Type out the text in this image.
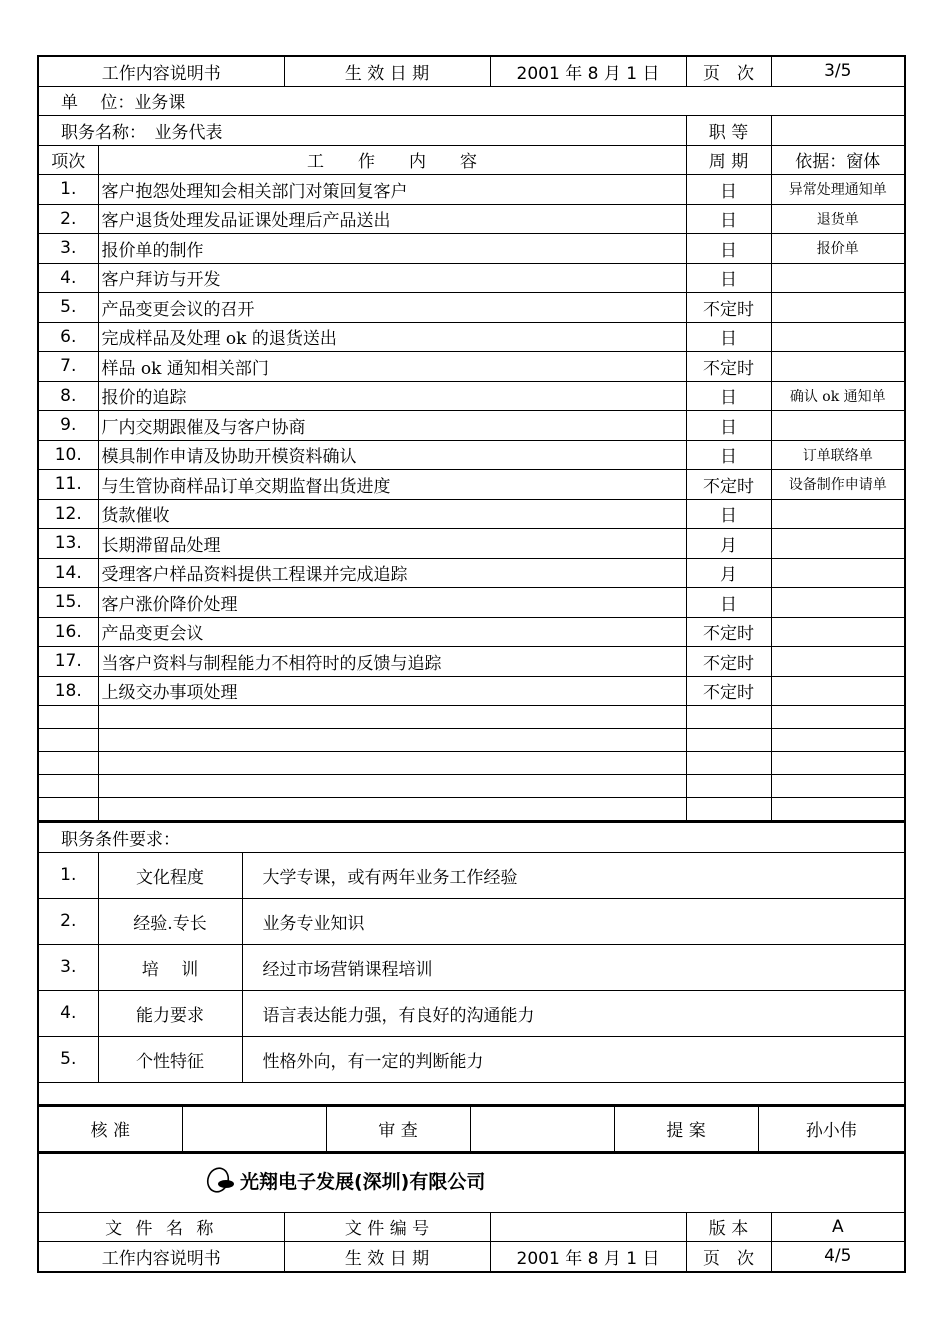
工作内容说明书		生 效 日 期	2001 年 8 月 1 日	页　次	3/5
单　 位：业务课					
职务名称：　业务代表				职 等	
项次	工　　作　　内　　容			周 期	依据：窗体
1.	客户抱怨处理知会相关部门对策回复客户			日	异常处理通知单
2.	客户退货处理发品证课处理后产品送出			日	退货单
3.	报价单的制作			日	报价单
4.	客户拜访与开发			日	
5.	产品变更会议的召开			不定时	
6.	完成样品及处理 ok 的退货送出			日	
7.	样品 ok 通知相关部门			不定时	
8.	报价的追踪			日	确认 ok 通知单
9.	厂内交期跟催及与客户协商			日	
10.	模具制作申请及协助开模资料确认			日	订单联络单
11.	与生管协商样品订单交期监督出货进度			不定时	设备制作申请单
12.	货款催收			日	
13.	长期滞留品处理			月	
14.	受理客户样品资料提供工程课并完成追踪			月	
15.	客户涨价降价处理			日	
16.	产品变更会议			不定时	
17.	当客户资料与制程能力不相符时的反馈与追踪			不定时	
18.	上级交办事项处理			不定时	

职务条件要求：		
1.	文化程度	大学专课，或有两年业务工作经验
2.	经验.专长	业务专业知识
3.	培　 训	经过市场营销课程培训
4.	能力要求	语言表达能力强，有良好的沟通能力
5.	个性特征	性格外向，有一定的判断能力

核 准		审 查		提 案	孙小伟
光翔电子发展(深圳)有限公司				
文 件 名 称	文 件 编 号		版 本	A
工作内容说明书	生 效 日 期	2001 年 8 月 1 日	页　次	4/5
